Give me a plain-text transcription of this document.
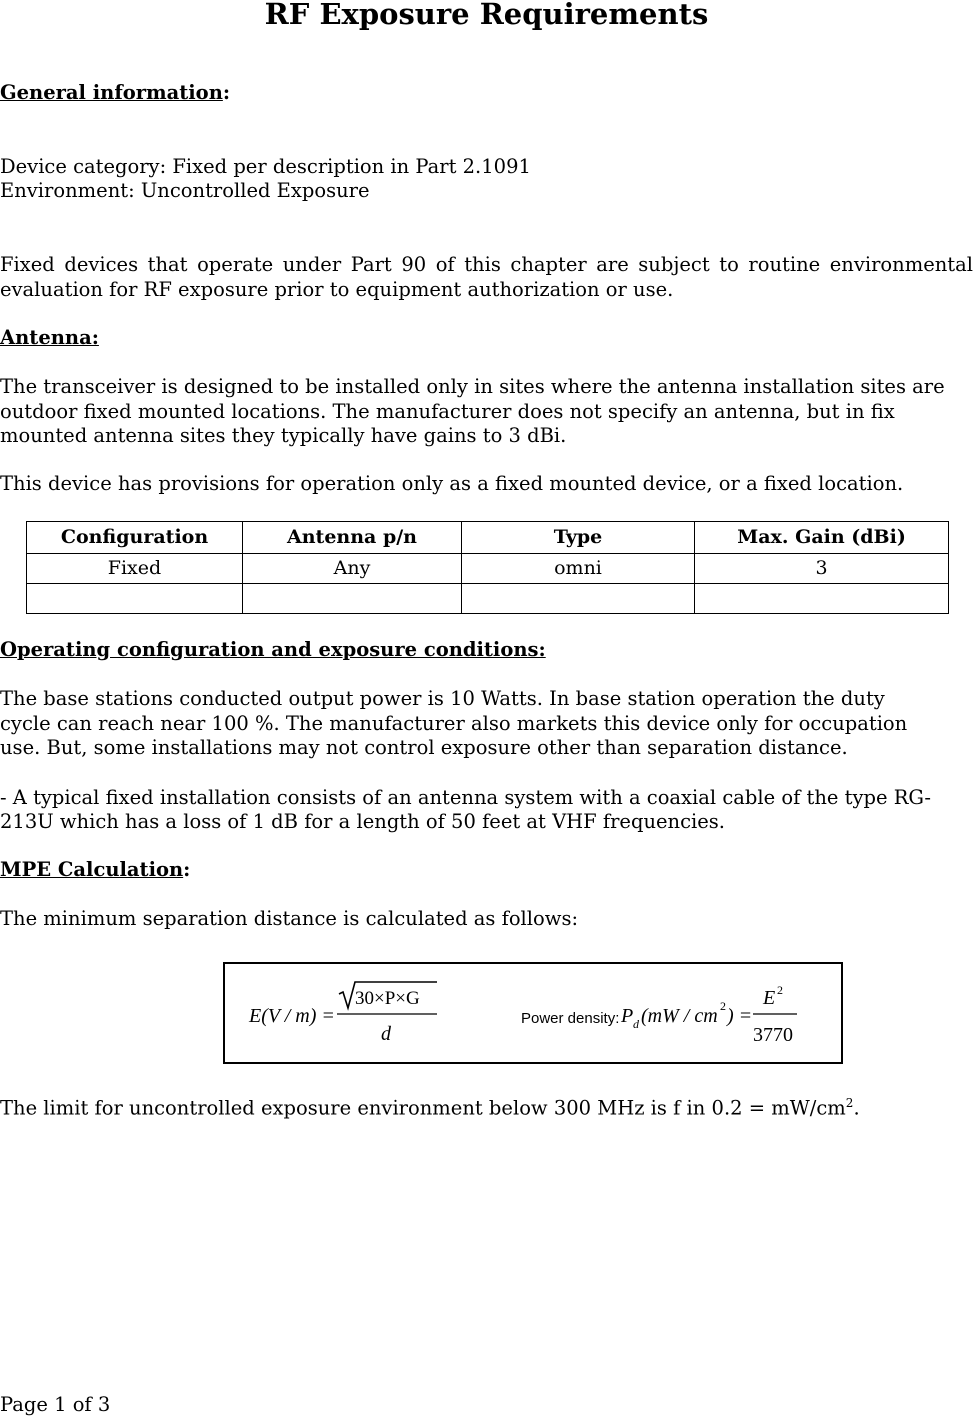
RF Exposure Requirements
General information:
Device category: Fixed per description in Part 2.1091
Environment: Uncontrolled Exposure
Fixed devices that operate under Part 90 of this chapter are subject to routine environmental evaluation for RF exposure prior to equipment authorization or use.
Antenna:
The transceiver is designed to be installed only in sites where the antenna installation sites are
outdoor fixed mounted locations. The manufacturer does not specify an antenna, but in fix
mounted antenna sites they typically have gains to 3 dBi.
This device has provisions for operation only as a fixed mounted device, or a fixed location.
Configuration	Antenna p/n	Type	Max. Gain (dBi)
Fixed	Any	omni	3

Operating configuration and exposure conditions:
The base stations conducted output power is 10 Watts. In base station operation the duty
cycle can reach near 100 %. The manufacturer also markets this device only for occupation
use. But, some installations may not control exposure other than separation distance.
- A typical fixed installation consists of an antenna system with a coaxial cable of the type RG-
213U which has a loss of 1 dB for a length of 50 feet at VHF frequencies.
MPE Calculation:
The minimum separation distance is calculated as follows:
E(V / m) =
30×P×G
d
Power density: P d (mW / cm 2 ) =
E 2
3770
The limit for uncontrolled exposure environment below 300 MHz is f in $0.2 = mW/cm^2$.
Page 1 of 3
